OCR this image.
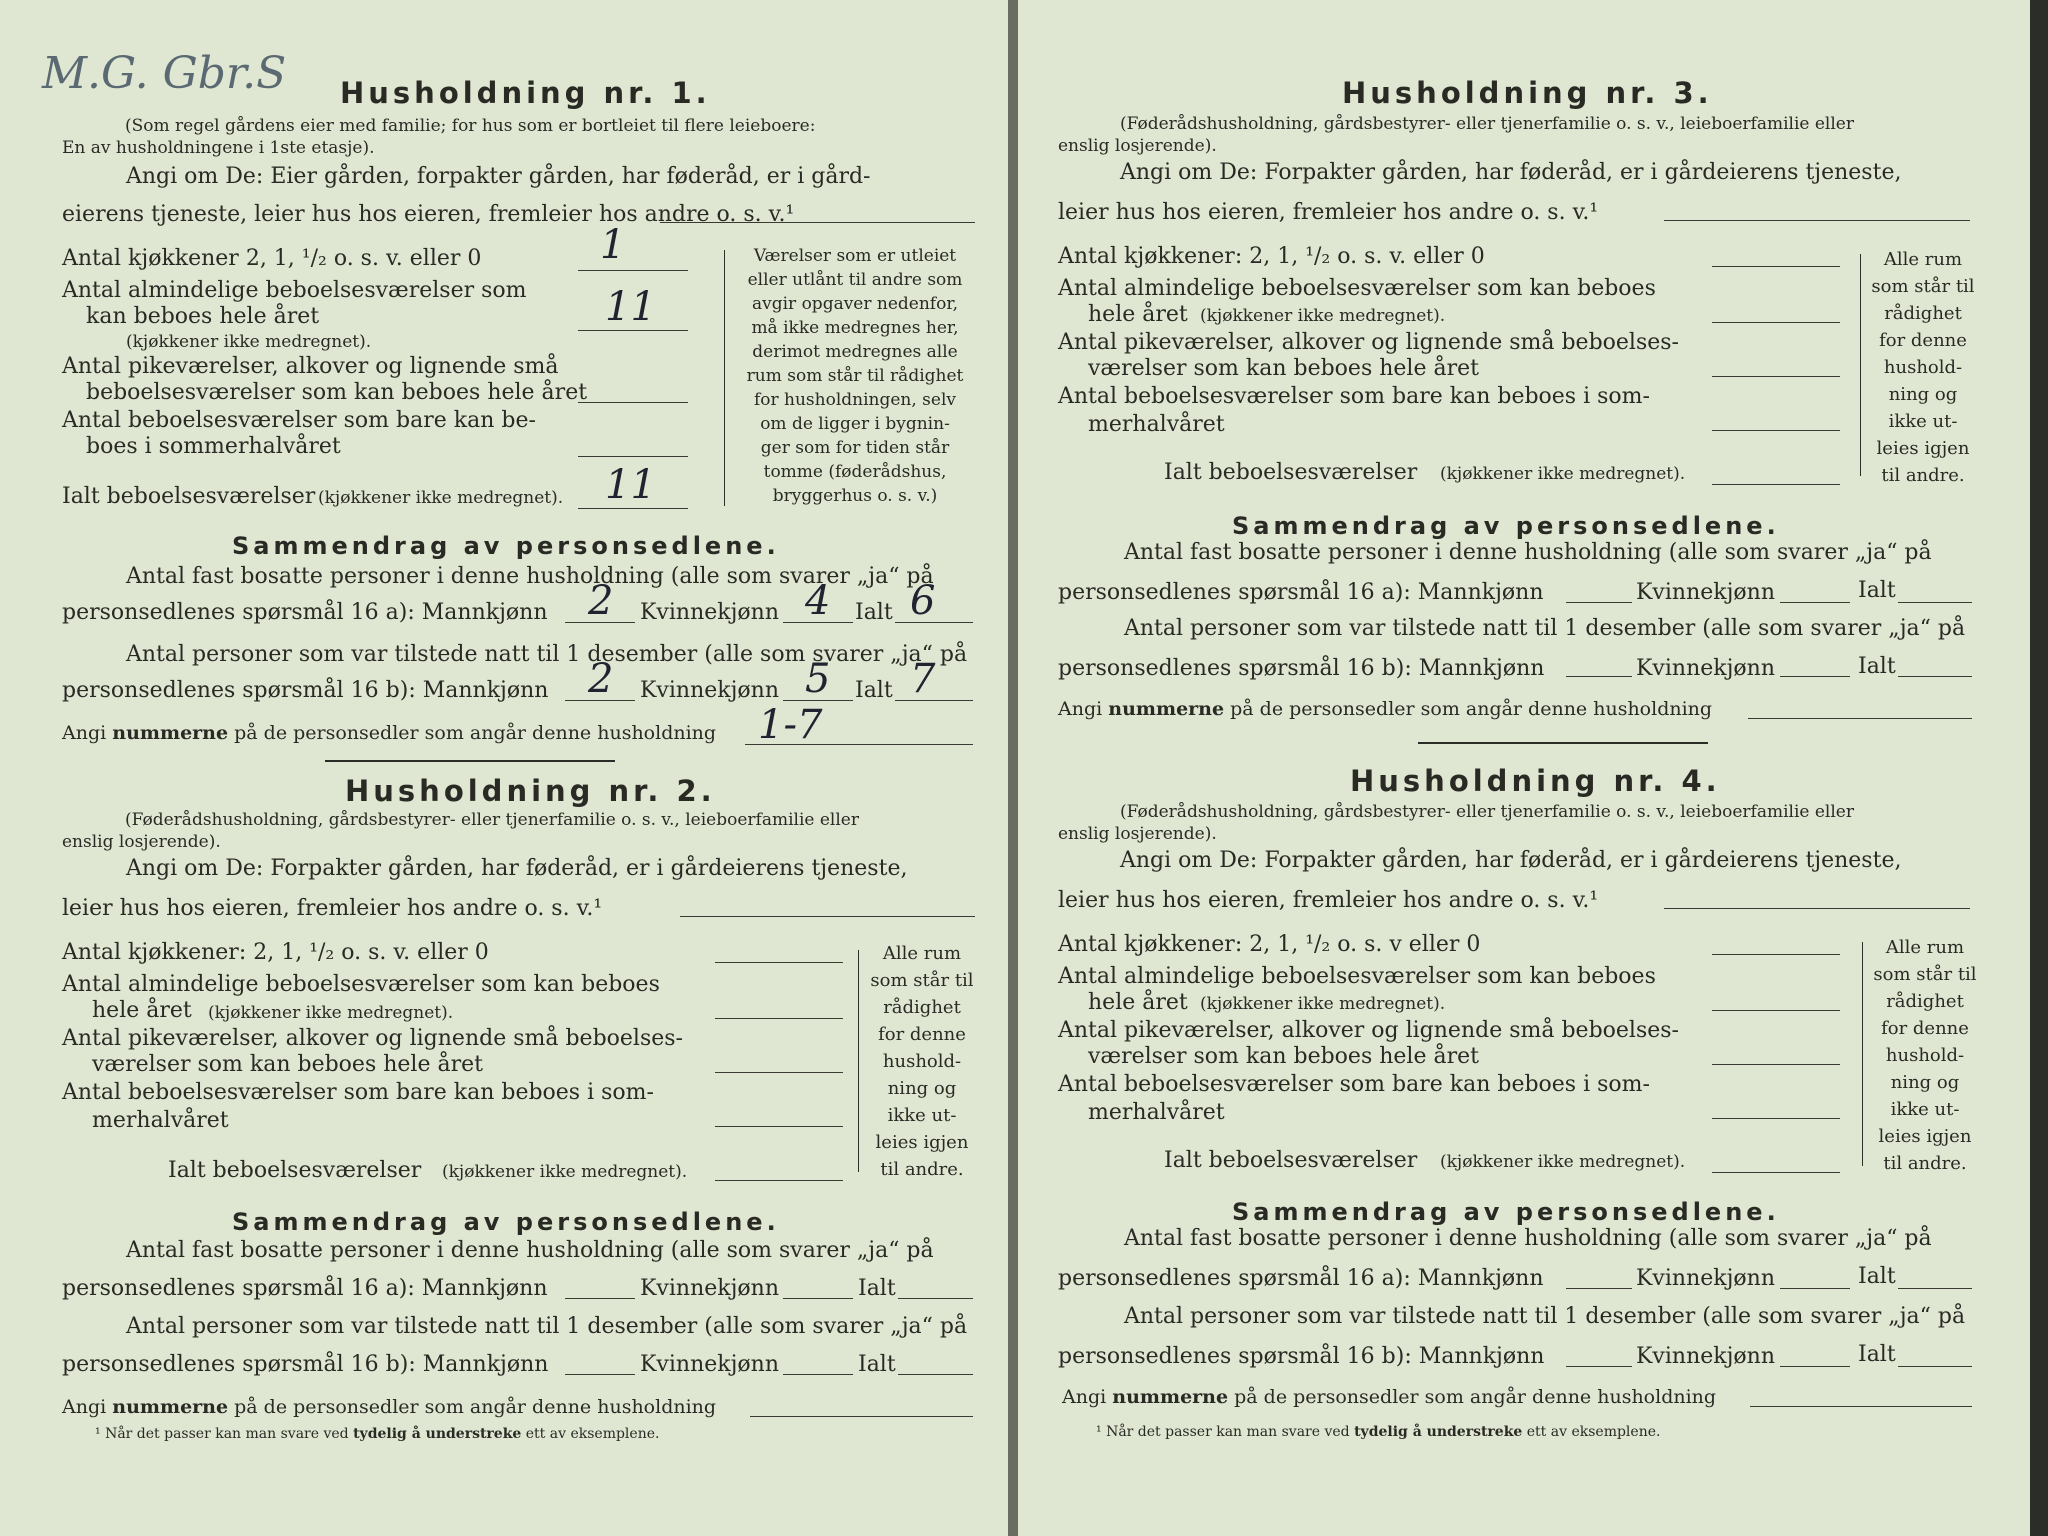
M.G. Gbr.S Husholdning nr. 1.
(Som regel gårdens eier med familie; for hus som er bortleiet til flere leieboere:
En av husholdningene i 1ste etasje).
Angi om De: Eier gården, forpakter gården, har føderåd, er i gård-
eierens tjeneste, leier hus hos eieren, fremleier hos andre o. s. v.¹
Antal kjøkkener 2, 1, ¹/₂ o. s. v. eller 0	1
Antal almindelige beboelsesværelser som
kan beboes hele året
(kjøkkener ikke medregnet).
11
Antal pikeværelser, alkover og lignende små
beboelsesværelser som kan beboes hele året
Antal beboelsesværelser som bare kan be-
boes i sommerhalvåret
Ialt beboelsesværelser (kjøkkener ikke medregnet). 11
Værelser som er utleiet
eller utlånt til andre som
avgir opgaver nedenfor,
må ikke medregnes her,
derimot medregnes alle
rum som står til rådighet
for husholdningen, selv
om de ligger i bygnin-
ger som for tiden står
tomme (føderådshus,
bryggerhus o. s. v.)
Sammendrag av personsedlene.
Antal fast bosatte personer i denne husholdning (alle som svarer „ja“ på
personsedlenes spørsmål 16 a): Mannkjønn 2 Kvinnekjønn 4 Ialt 6
Antal personer som var tilstede natt til 1 desember (alle som svarer „ja“ på
personsedlenes spørsmål 16 b): Mannkjønn 2 Kvinnekjønn 5 Ialt 7
Angi nummerne på de personsedler som angår denne husholdning 1-7
Husholdning nr. 2.
(Føderådshusholdning, gårdsbestyrer- eller tjenerfamilie o. s. v., leieboerfamilie eller
enslig losjerende).
Angi om De: Forpakter gården, har føderåd, er i gårdeierens tjeneste,
leier hus hos eieren, fremleier hos andre o. s. v.¹
Antal kjøkkener: 2, 1, ¹/₂ o. s. v. eller 0
Antal almindelige beboelsesværelser som kan beboes
hele året (kjøkkener ikke medregnet).
Antal pikeværelser, alkover og lignende små beboelses-
værelser som kan beboes hele året
Antal beboelsesværelser som bare kan beboes i som-
merhalvåret
Ialt beboelsesværelser (kjøkkener ikke medregnet).
Alle rum
som står til
rådighet
for denne
hushold-
ning og
ikke ut-
leies igjen
til andre.
Sammendrag av personsedlene.
Antal fast bosatte personer i denne husholdning (alle som svarer „ja“ på
personsedlenes spørsmål 16 a): Mannkjønn	Kvinnekjønn	Ialt
Antal personer som var tilstede natt til 1 desember (alle som svarer „ja“ på
personsedlenes spørsmål 16 b): Mannkjønn	Kvinnekjønn	Ialt
Angi nummerne på de personsedler som angår denne husholdning
¹ Når det passer kan man svare ved tydelig å understreke ett av eksemplene.
Husholdning nr. 3.
(Føderådshusholdning, gårdsbestyrer- eller tjenerfamilie o. s. v., leieboerfamilie eller
enslig losjerende).
Angi om De: Forpakter gården, har føderåd, er i gårdeierens tjeneste,
leier hus hos eieren, fremleier hos andre o. s. v.¹
Antal kjøkkener: 2, 1, ¹/₂ o. s. v. eller 0
Antal almindelige beboelsesværelser som kan beboes
hele året (kjøkkener ikke medregnet).
Antal pikeværelser, alkover og lignende små beboelses-
værelser som kan beboes hele året
Antal beboelsesværelser som bare kan beboes i som-
merhalvåret
Ialt beboelsesværelser (kjøkkener ikke medregnet).
Alle rum
som står til
rådighet
for denne
hushold-
ning og
ikke ut-
leies igjen
til andre.
Sammendrag av personsedlene.
Antal fast bosatte personer i denne husholdning (alle som svarer „ja“ på
personsedlenes spørsmål 16 a): Mannkjønn	Kvinnekjønn	Ialt
Antal personer som var tilstede natt til 1 desember (alle som svarer „ja“ på
personsedlenes spørsmål 16 b): Mannkjønn	Kvinnekjønn	Ialt
Angi nummerne på de personsedler som angår denne husholdning
Husholdning nr. 4.
(Føderådshusholdning, gårdsbestyrer- eller tjenerfamilie o. s. v., leieboerfamilie eller
enslig losjerende).
Angi om De: Forpakter gården, har føderåd, er i gårdeierens tjeneste,
leier hus hos eieren, fremleier hos andre o. s. v.¹
Antal kjøkkener: 2, 1, ¹/₂ o. s. v eller 0
Antal almindelige beboelsesværelser som kan beboes
hele året (kjøkkener ikke medregnet).
Antal pikeværelser, alkover og lignende små beboelses-
værelser som kan beboes hele året
Antal beboelsesværelser som bare kan beboes i som-
merhalvåret
Ialt beboelsesværelser (kjøkkener ikke medregnet).
Alle rum
som står til
rådighet
for denne
hushold-
ning og
ikke ut-
leies igjen
til andre.
Sammendrag av personsedlene.
Antal fast bosatte personer i denne husholdning (alle som svarer „ja“ på
personsedlenes spørsmål 16 a): Mannkjønn	Kvinnekjønn	Ialt
Antal personer som var tilstede natt til 1 desember (alle som svarer „ja“ på
personsedlenes spørsmål 16 b): Mannkjønn	Kvinnekjønn	Ialt
Angi nummerne på de personsedler som angår denne husholdning
¹ Når det passer kan man svare ved tydelig å understreke ett av eksemplene.
